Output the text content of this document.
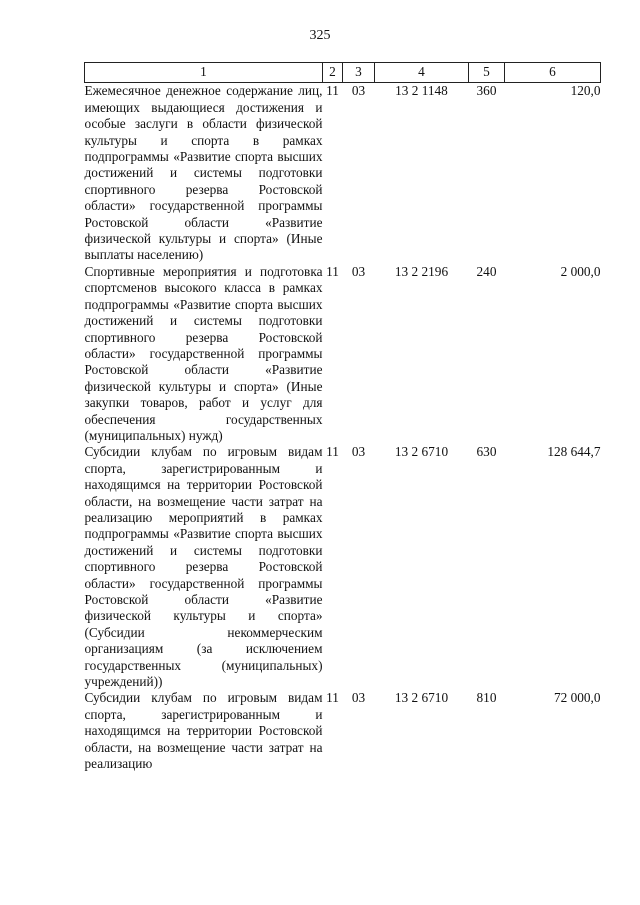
325
1	2	3	4	5	6
Ежемесячное денежное содержание лиц, имеющих выдающиеся достижения и особые заслуги в области физической культуры и спорта в рамках подпрограммы «Развитие спорта высших достижений и системы подготовки спортивного резерва Ростовской области» государственной программы Ростовской области «Развитие физической культуры и спорта» (Иные выплаты населению)	11	03	13 2 1148	360	120,0
Спортивные мероприятия и подготовка спортсменов высокого класса в рамках подпрограммы «Развитие спорта высших достижений и системы подготовки спортивного резерва Ростовской области» государственной программы Ростовской области «Развитие физической культуры и спорта» (Иные закупки товаров, работ и услуг для обеспечения государственных (муниципальных) нужд)	11	03	13 2 2196	240	2 000,0
Субсидии клубам по игровым видам спорта, зарегистрированным и находящимся на территории Ростовской области, на возмещение части затрат на реализацию мероприятий в рамках подпрограммы «Развитие спорта высших достижений и системы подготовки спортивного резерва Ростовской области» государственной программы Ростовской области «Развитие физической культуры и спорта» (Субсидии некоммерческим организациям (за исключением государственных (муниципальных) учреждений))	11	03	13 2 6710	630	128 644,7
Субсидии клубам по игровым видам спорта, зарегистрированным и находящимся на территории Ростовской области, на возмещение части затрат на реализацию	11	03	13 2 6710	810	72 000,0
